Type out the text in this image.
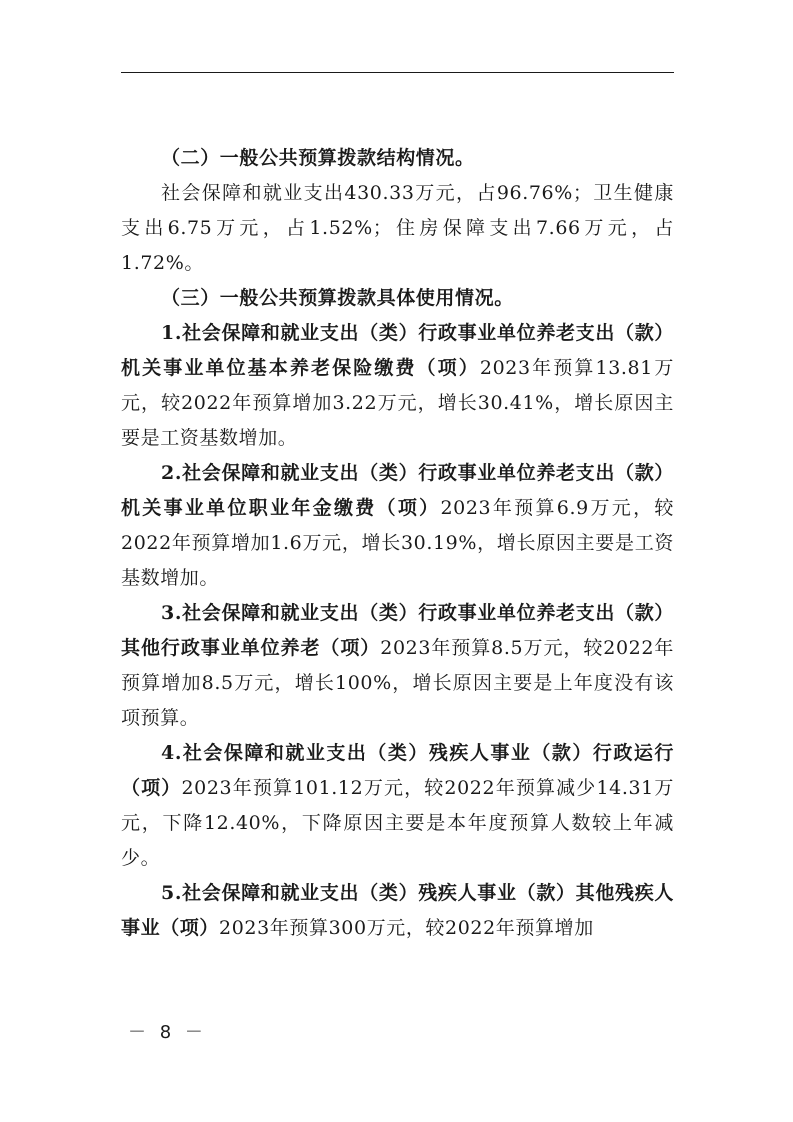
（二）一般公共预算拨款结构情况。

社会保障和就业支出430.33万元，占96.76%；卫生健康支出6.75万元，占1.52%；住房保障支出7.66万元，占1.72%。

（三）一般公共预算拨款具体使用情况。

1.社会保障和就业支出（类）行政事业单位养老支出（款）机关事业单位基本养老保险缴费（项）2023年预算13.81万元，较2022年预算增加3.22万元，增长30.41%，增长原因主要是工资基数增加。

2.社会保障和就业支出（类）行政事业单位养老支出（款）机关事业单位职业年金缴费（项）2023年预算6.9万元，较2022年预算增加1.6万元，增长30.19%，增长原因主要是工资基数增加。

3.社会保障和就业支出（类）行政事业单位养老支出（款）其他行政事业单位养老（项）2023年预算8.5万元，较2022年预算增加8.5万元，增长100%，增长原因主要是上年度没有该项预算。

4.社会保障和就业支出（类）残疾人事业（款）行政运行（项）2023年预算101.12万元，较2022年预算减少14.31万元，下降12.40%，下降原因主要是本年度预算人数较上年减少。

5.社会保障和就业支出（类）残疾人事业（款）其他残疾人事业（项）2023年预算300万元，较2022年预算增加

－ 8 －
